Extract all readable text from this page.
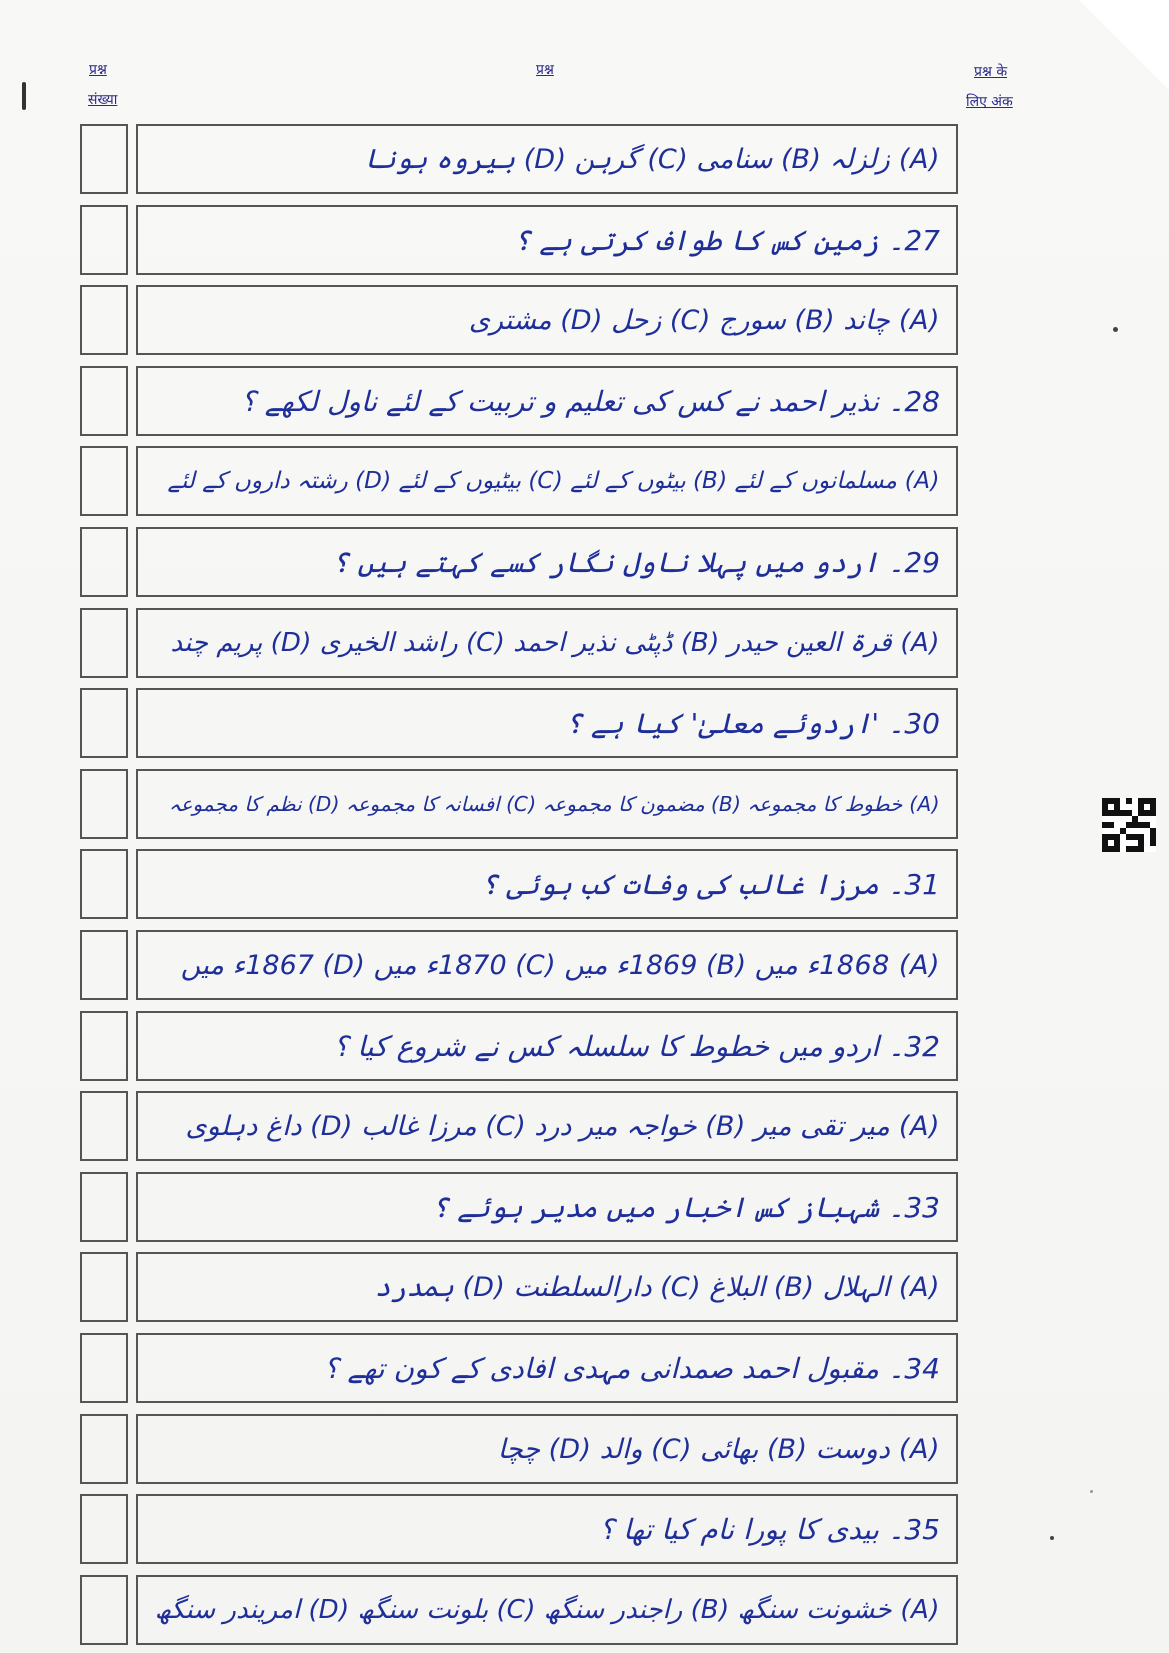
प्रश्न
संख्या
प्रश्न	प्रश्न के
लिए अंक
(A) زلزلہ (B) سنامی (C) گرہن (D) بیروہ ہونا
27۔ زمین کس کا طواف کرتی ہے ؟
(A) چاند (B) سورج (C) زحل (D) مشتری
28۔ نذیر احمد نے کس کی تعلیم و تربیت کے لئے ناول لکھے ؟
(A) مسلمانوں کے لئے (B) بیٹوں کے لئے (C) بیٹیوں کے لئے (D) رشتہ داروں کے لئے
29۔ اردو میں پہلا ناول نگار کسے کہتے ہیں ؟
(A) قرۃ العین حیدر (B) ڈپٹی نذیر احمد (C) راشد الخیری (D) پریم چند
30۔ 'اردوئے معلیٰ' کیا ہے ؟
(A) خطوط کا مجموعہ (B) مضمون کا مجموعہ (C) افسانہ کا مجموعہ (D) نظم کا مجموعہ
31۔ مرزا غالب کی وفات کب ہوئی ؟
(A) 1868ء میں (B) 1869ء میں (C) 1870ء میں (D) 1867ء میں
32۔ اردو میں خطوط کا سلسلہ کس نے شروع کیا ؟
(A) میر تقی میر (B) خواجہ میر درد (C) مرزا غالب (D) داغ دہلوی
33۔ شہباز کس اخبار میں مدیر ہوئے ؟
(A) الہلال (B) البلاغ (C) دارالسلطنت (D) ہمدرد
34۔ مقبول احمد صمدانی مہدی افادی کے کون تھے ؟
(A) دوست (B) بھائی (C) والد (D) چچا
35۔ بیدی کا پورا نام کیا تھا ؟
(A) خشونت سنگھ (B) راجندر سنگھ (C) بلونت سنگھ (D) امریندر سنگھ
